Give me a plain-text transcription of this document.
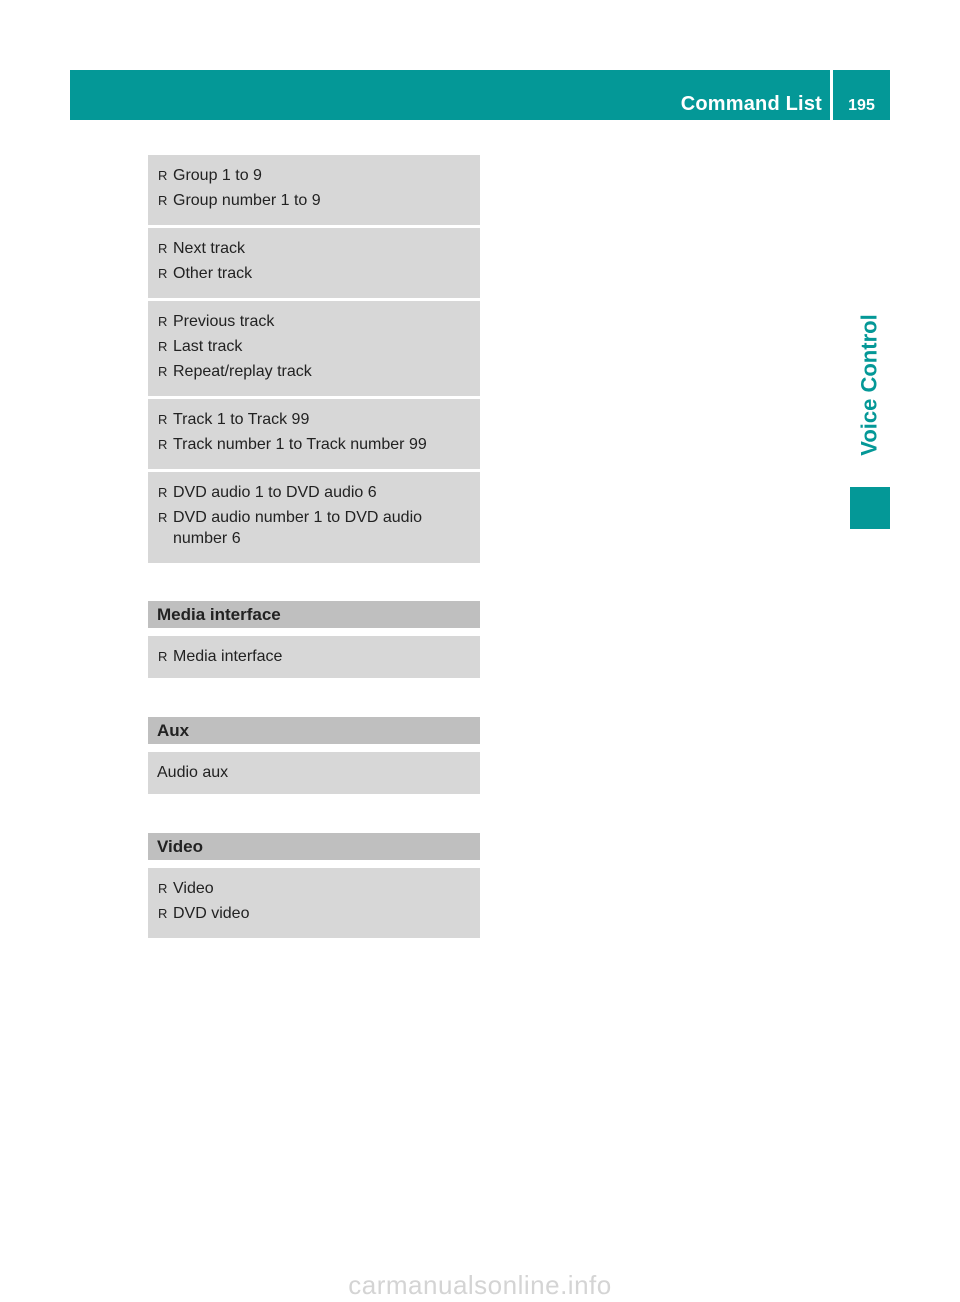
Command List	195
Voice Control
R Group 1 to 9
R Group number 1 to 9
R Next track
R Other track
R Previous track
R Last track
R Repeat/replay track
R Track 1 to Track 99
R Track number 1 to Track number 99
R DVD audio 1 to DVD audio 6
R DVD audio number 1 to DVD audio number 6
Media interface
R Media interface
Aux
Audio aux
Video
R Video
R DVD video
carmanualsonline.info
